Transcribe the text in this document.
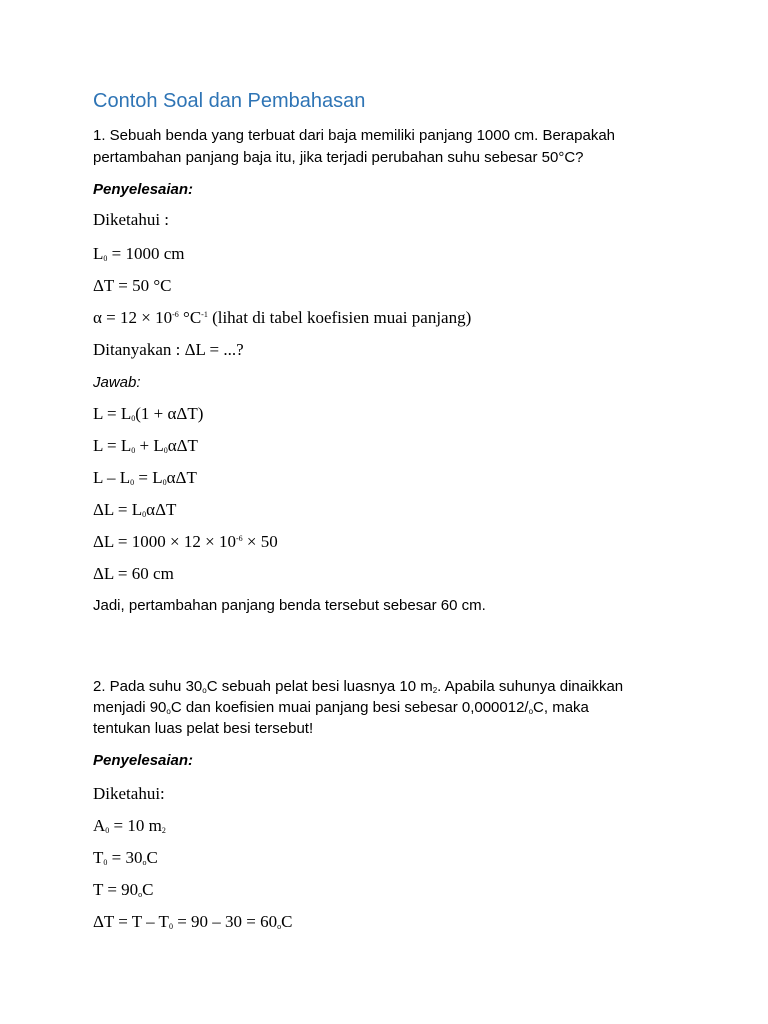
Contoh Soal dan Pembahasan

1. Sebuah benda yang terbuat dari baja memiliki panjang 1000 cm. Berapakah

pertambahan panjang baja itu, jika terjadi perubahan suhu sebesar 50°C?

Penyelesaian:

Diketahui :

$L_0 = 1000$ cm

ΔT = 50 °C

$\alpha = 12 \times 10^{-6}$ $^\circ C^{-1}$ (lihat di tabel koefisien muai panjang)

Ditanyakan : ΔL = ...?

Jawab:

$L = L_0(1 + \alpha\Delta T)$

$L = L_0 + L_0\alpha\Delta T$

$L - L_0 = L_0\alpha\Delta T$

$\Delta L = L_0\alpha\Delta T$

$\Delta L = 1000 \times 12 \times 10^{-6} \times 50$

ΔL = 60 cm

Jadi, pertambahan panjang benda tersebut sebesar 60 cm.

2. Pada suhu $30_oC$ sebuah pelat besi luasnya 10 $m_2$. Apabila suhunya dinaikkan

menjadi $90_oC$ dan koefisien muai panjang besi sebesar $0,000012/_oC$, maka

tentukan luas pelat besi tersebut!

Penyelesaian:

Diketahui:

$A_0 = 10$ $m_2$

$T_0 = 30_oC$

$T = 90_oC$

$\Delta T = T - T_0 = 90 - 30 = 60_oC$
